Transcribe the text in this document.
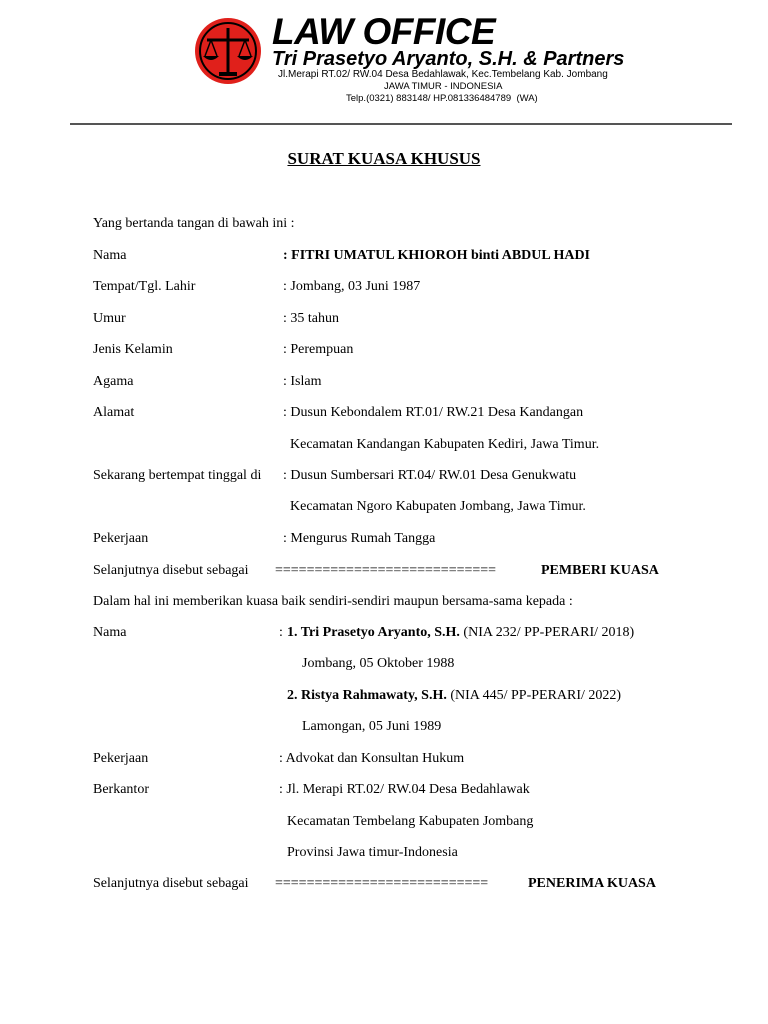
LAW OFFICE
Tri Prasetyo Aryanto, S.H. & Partners
Jl.Merapi RT.02/ RW.04 Desa Bedahlawak, Kec.Tembelang Kab. Jombang
JAWA TIMUR - INDONESIA
Telp.(0321) 883148/ HP.081336484789  (WA)
SURAT KUASA KHUSUS
Yang bertanda tangan di bawah ini :
Nama	: FITRI UMATUL KHIOROH binti ABDUL HADI
Tempat/Tgl. Lahir	: Jombang, 03 Juni 1987
Umur	: 35 tahun
Jenis Kelamin	: Perempuan
Agama	: Islam
Alamat	: Dusun Kebondalem RT.01/ RW.21 Desa Kandangan
Kecamatan Kandangan Kabupaten Kediri, Jawa Timur.
Sekarang bertempat tinggal di : Dusun Sumbersari RT.04/ RW.01 Desa Genukwatu
Kecamatan Ngoro Kabupaten Jombang, Jawa Timur.
Pekerjaan	: Mengurus Rumah Tangga
Selanjutnya disebut sebagai ============================	PEMBERI KUASA
Dalam hal ini memberikan kuasa baik sendiri-sendiri maupun bersama-sama kepada :
Nama	: 1. Tri Prasetyo Aryanto, S.H. (NIA 232/ PP-PERARI/ 2018)
Jombang, 05 Oktober 1988
2. Ristya Rahmawaty, S.H. (NIA 445/ PP-PERARI/ 2022)
Lamongan, 05 Juni 1989
Pekerjaan	: Advokat dan Konsultan Hukum
Berkantor	: Jl. Merapi RT.02/ RW.04 Desa Bedahlawak
Kecamatan Tembelang Kabupaten Jombang
Provinsi Jawa timur-Indonesia
Selanjutnya disebut sebagai ===========================	PENERIMA KUASA
